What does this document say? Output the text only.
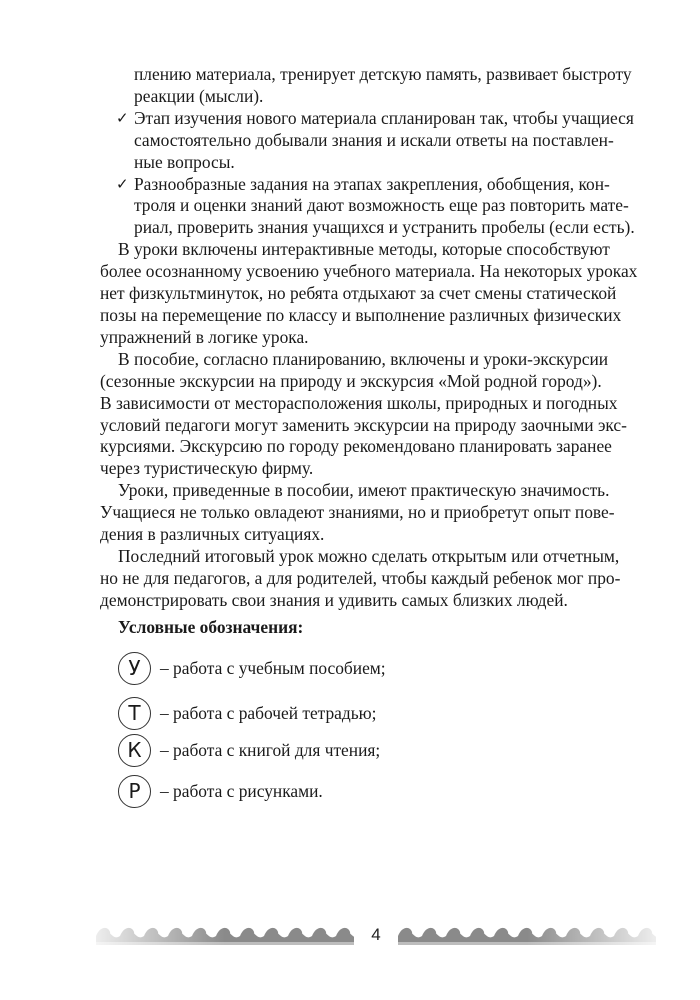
плению материала, тренирует детскую память, развивает быстроту
реакции (мысли).
✓ Этап изучения нового материала спланирован так, чтобы учащиеся
самостоятельно добывали знания и искали ответы на поставлен-
ные вопросы.
✓ Разнообразные задания на этапах закрепления, обобщения, кон-
троля и оценки знаний дают возможность еще раз повторить мате-
риал, проверить знания учащихся и устранить пробелы (если есть).
В уроки включены интерактивные методы, которые способствуют
более осознанному усвоению учебного материала. На некоторых уроках
нет физкультминуток, но ребята отдыхают за счет смены статической
позы на перемещение по классу и выполнение различных физических
упражнений в логике урока.
В пособие, согласно планированию, включены и уроки-экскурсии
(сезонные экскурсии на природу и экскурсия «Мой родной город»).
В зависимости от месторасположения школы, природных и погодных
условий педагоги могут заменить экскурсии на природу заочными экс-
курсиями. Экскурсию по городу рекомендовано планировать заранее
через туристическую фирму.
Уроки, приведенные в пособии, имеют практическую значимость.
Учащиеся не только овладеют знаниями, но и приобретут опыт пове-
дения в различных ситуациях.
Последний итоговый урок можно сделать открытым или отчетным,
но не для педагогов, а для родителей, чтобы каждый ребенок мог про-
демонстрировать свои знания и удивить самых близких людей.
Условные обозначения:
У	– работа с учебным пособием;
Т	– работа с рабочей тетрадью;
К	– работа с книгой для чтения;
Р	– работа с рисунками.
4
